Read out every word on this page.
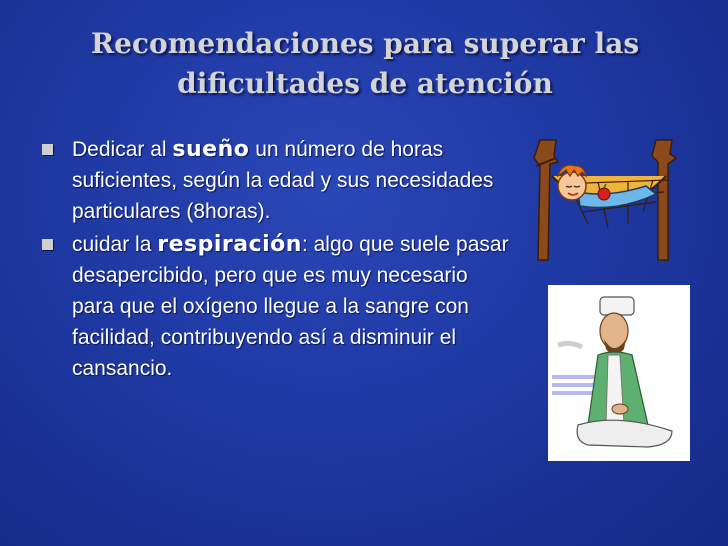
Recomendaciones para superar las
dificultades de atención
Dedicar al sueño un número de horas suficientes, según la edad y sus necesidades particulares (8horas).
cuidar la respiración: algo que suele pasar desapercibido, pero que es muy necesario para que el oxígeno llegue a la sangre con facilidad, contribuyendo así a disminuir el cansancio.
